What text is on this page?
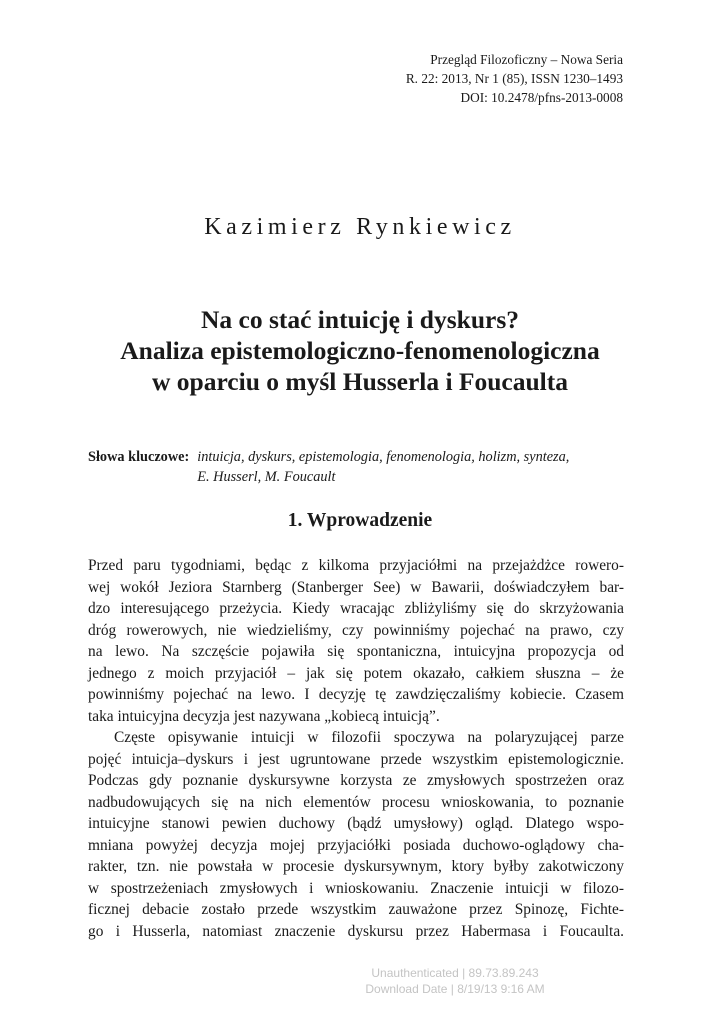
Przegląd Filozoficzny – Nowa Seria
R. 22: 2013, Nr 1 (85), ISSN 1230–1493
DOI: 10.2478/pfns-2013-0008
Kazimierz Rynkiewicz
Na co stać intuicję i dyskurs?
Analiza epistemologiczno-fenomenologiczna
w oparciu o myśl Husserla i Foucaulta
Słowa kluczowe: intuicja, dyskurs, epistemologia, fenomenologia, holizm, synteza,
E. Husserl, M. Foucault
1. Wprowadzenie
Przed paru tygodniami, będąc z kilkoma przyjaciółmi na przejażdżce rowero-
wej wokół Jeziora Starnberg (Stanberger See) w Bawarii, doświadczyłem bar-
dzo interesującego przeżycia. Kiedy wracając zbliżyliśmy się do skrzyżowania
dróg rowerowych, nie wiedzieliśmy, czy powinniśmy pojechać na prawo, czy
na lewo. Na szczęście pojawiła się spontaniczna, intuicyjna propozycja od
jednego z moich przyjaciół – jak się potem okazało, całkiem słuszna – że
powinniśmy pojechać na lewo. I decyzję tę zawdzięczaliśmy kobiecie. Czasem
taka intuicyjna decyzja jest nazywana „kobiecą intuicją”.
Częste opisywanie intuicji w filozofii spoczywa na polaryzującej parze
pojęć intuicja–dyskurs i jest ugruntowane przede wszystkim epistemologicznie.
Podczas gdy poznanie dyskursywne korzysta ze zmysłowych spostrzeżen oraz
nadbudowujących się na nich elementów procesu wnioskowania, to poznanie
intuicyjne stanowi pewien duchowy (bądź umysłowy) ogląd. Dlatego wspo-
mniana powyżej decyzja mojej przyjaciółki posiada duchowo-oglądowy cha-
rakter, tzn. nie powstała w procesie dyskursywnym, ktory byłby zakotwiczony
w spostrzeżeniach zmysłowych i wnioskowaniu. Znaczenie intuicji w filozo-
ficznej debacie zostało przede wszystkim zauważone przez Spinozę, Fichte-
go i Husserla, natomiast znaczenie dyskursu przez Habermasa i Foucaulta.
Unauthenticated | 89.73.89.243
Download Date | 8/19/13 9:16 AM
